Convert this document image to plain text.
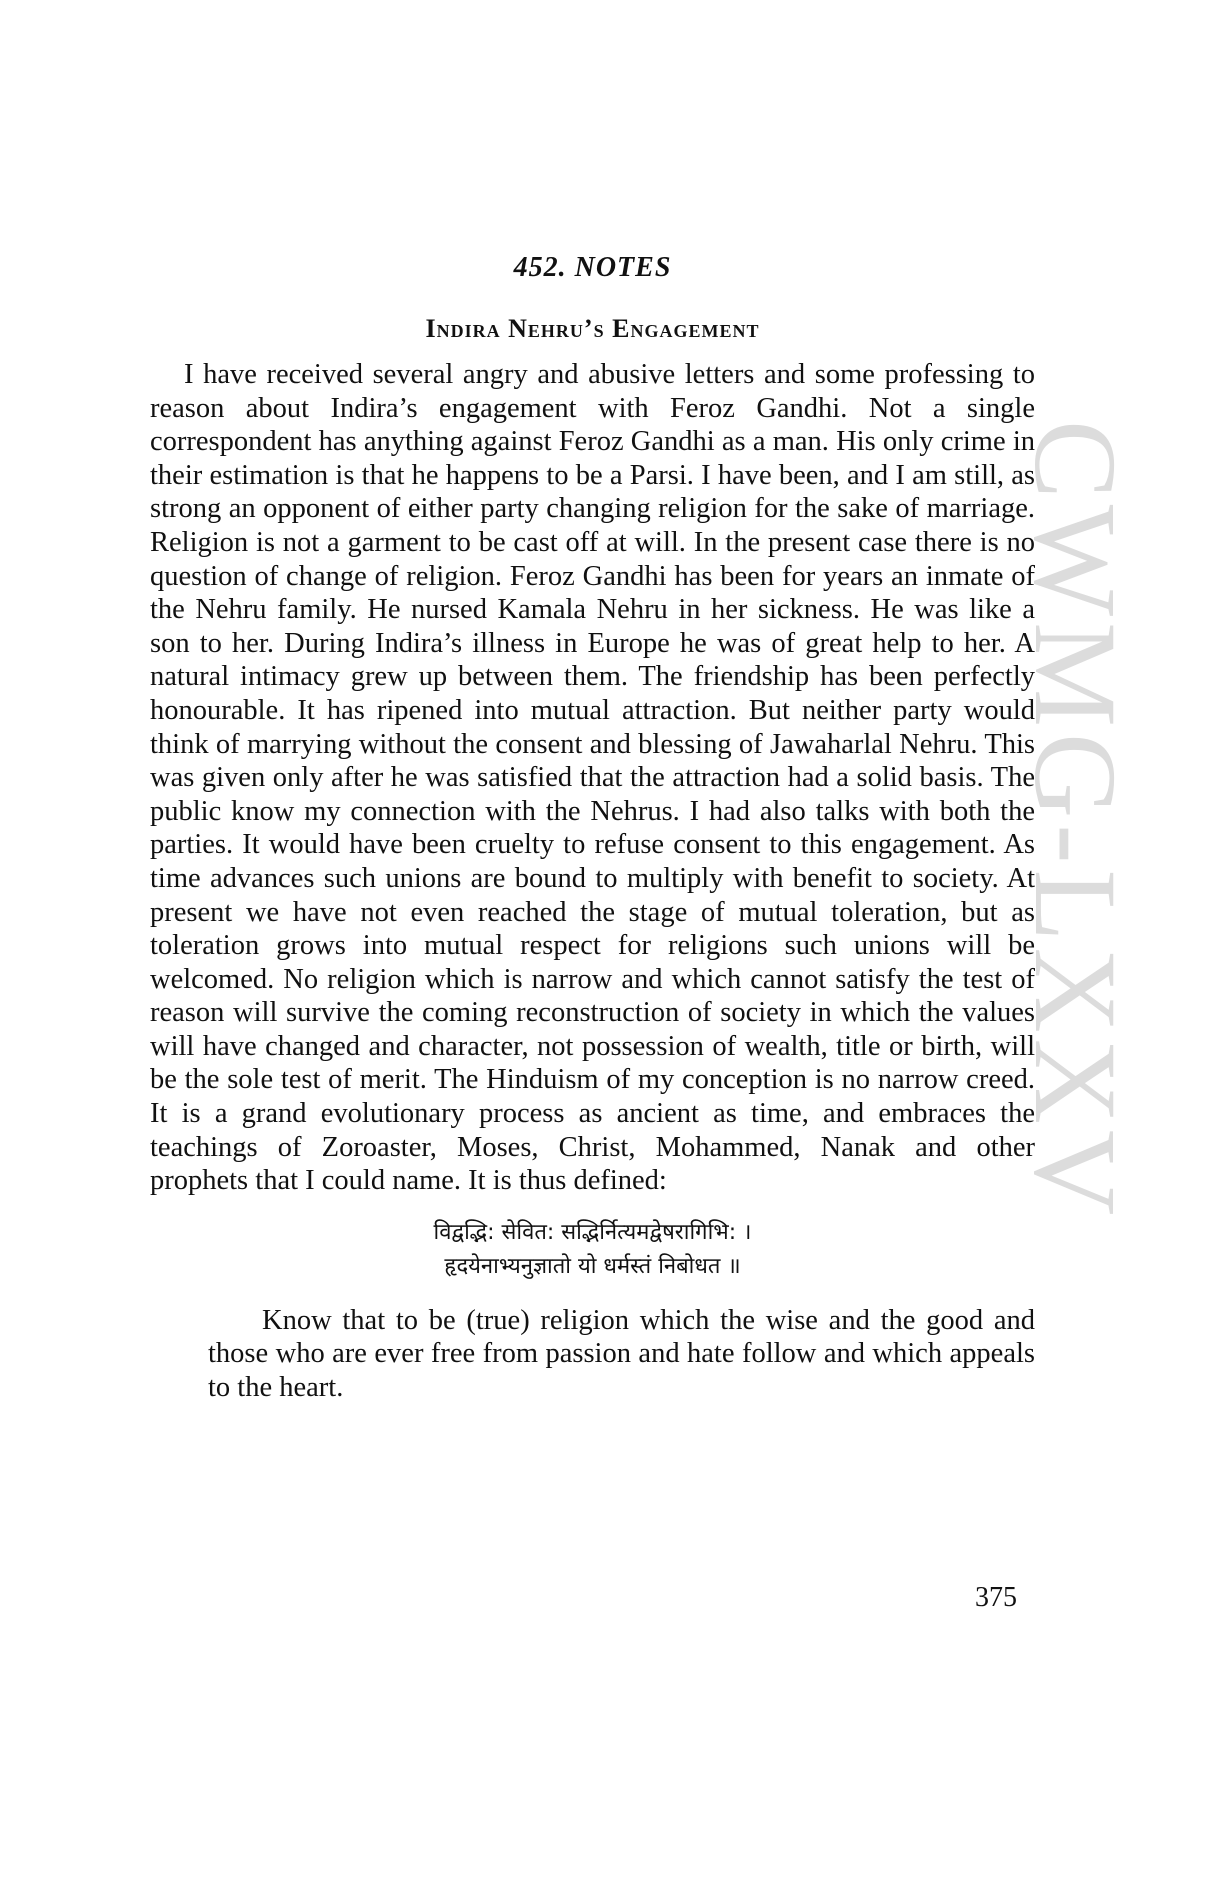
CWMG-LXXV
452. NOTES
Indira Nehru’s Engagement

I have received several angry and abusive letters and some professing to reason about Indira’s engagement with Feroz Gandhi. Not a single correspondent has anything against Feroz Gandhi as a man. His only crime in their estimation is that he happens to be a Parsi. I have been, and I am still, as strong an opponent of either party changing religion for the sake of marriage. Religion is not a garment to be cast off at will. In the present case there is no question of change of religion. Feroz Gandhi has been for years an inmate of the Nehru family. He nursed Kamala Nehru in her sickness. He was like a son to her. During Indira’s illness in Europe he was of great help to her. A natural intimacy grew up between them. The friendship has been perfectly honourable. It has ripened into mutual attraction. But neither party would think of marrying without the consent and blessing of Jawaharlal Nehru. This was given only after he was satisfied that the attraction had a solid basis. The public know my connection with the Nehrus. I had also talks with both the parties. It would have been cruelty to refuse consent to this engagement. As time advances such unions are bound to multiply with benefit to society. At present we have not even reached the stage of mutual toleration, but as toleration grows into mutual respect for religions such unions will be welcomed. No religion which is narrow and which cannot satisfy the test of reason will survive the coming reconstruction of society in which the values will have changed and character, not possession of wealth, title or birth, will be the sole test of merit. The Hinduism of my conception is no narrow creed. It is a grand evolutionary process as ancient as time, and embraces the teachings of Zoroaster, Moses, Christ, Mohammed, Nanak and other prophets that I could name. It is thus defined:

विद्वद्भि: सेवित: सद्भिर्नित्यमद्वेषरागिभि: ।
हृदयेनाभ्यनुज्ञातो यो धर्मस्तं निबोधत ॥

Know that to be (true) religion which the wise and the good and those who are ever free from passion and hate follow and which appeals to the heart.

375
